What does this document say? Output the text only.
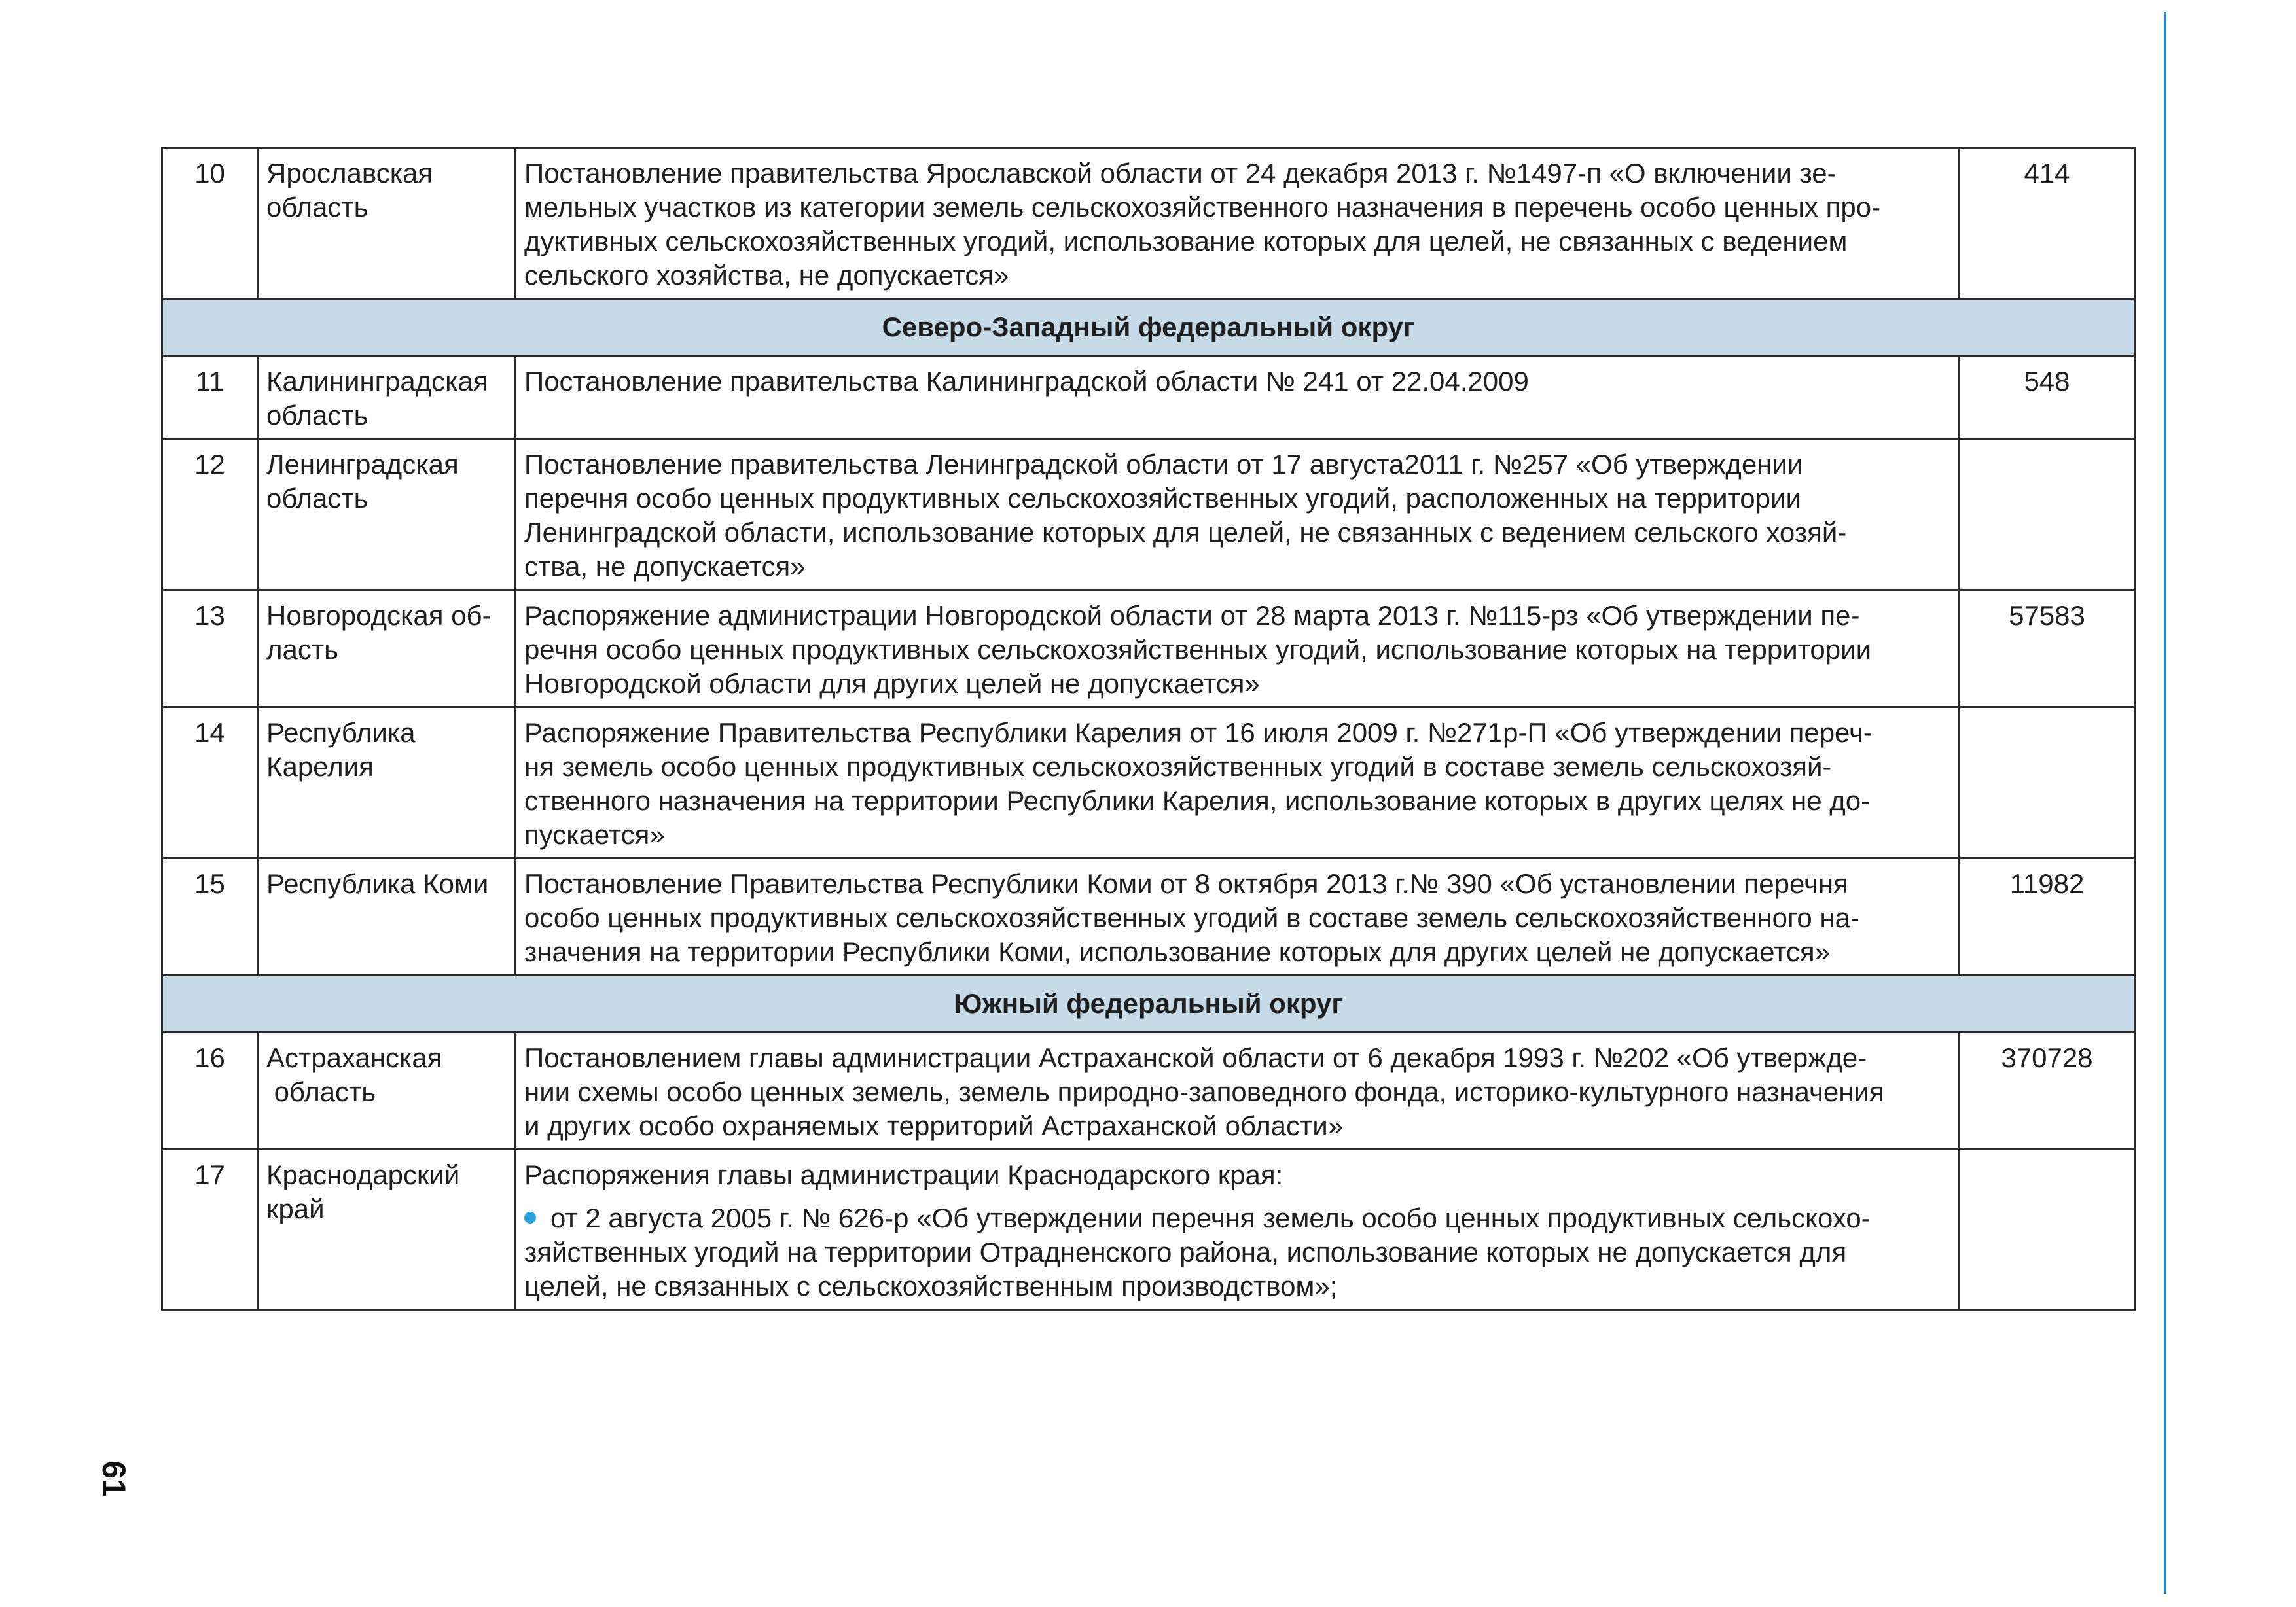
10	Ярославская
область	Постановление правительства Ярославской области от 24 декабря 2013 г. №1497-п «О включении зе-
мельных участков из категории земель сельскохозяйственного назначения в перечень особо ценных про-
дуктивных сельскохозяйственных угодий, использование которых для целей, не связанных с ведением
сельского хозяйства, не допускается»	414
Северо-Западный федеральный округ			
11	Калининградская
область	Постановление правительства Калининградской области № 241 от 22.04.2009	548
12	Ленинградская
область	Постановление правительства Ленинградской области от 17 августа2011 г. №257 «Об утверждении
перечня особо ценных продуктивных сельскохозяйственных угодий, расположенных на территории
Ленинградской области, использование которых для целей, не связанных с ведением сельского хозяй-
ства, не допускается»	

13	Новгородская об-
ласть	Распоряжение администрации Новгородской области от 28 марта 2013 г. №115-рз «Об утверждении пе-
речня особо ценных продуктивных сельскохозяйственных угодий, использование которых на территории
Новгородской области для других целей не допускается»	57583
14	Республика
Карелия	Распоряжение Правительства Республики Карелия от 16 июля 2009 г. №271р-П «Об утверждении переч-
ня земель особо ценных продуктивных сельскохозяйственных угодий в составе земель сельскохозяй-
ственного назначения на территории Республики Карелия, использование которых в других целях не до-
пускается»	

15	Республика Коми	Постановление Правительства Республики Коми от 8 октября 2013 г.№ 390 «Об установлении перечня
особо ценных продуктивных сельскохозяйственных угодий в составе земель сельскохозяйственного на-
значения на территории Республики Коми, использование которых для других целей не допускается»	11982
Южный федеральный округ			
16	Астраханская
область	Постановлением главы администрации Астраханской области от 6 декабря 1993 г. №202 «Об утвержде-
нии схемы особо ценных земель, земель природно-заповедного фонда, историко-культурного назначения
и других особо охраняемых территорий Астраханской области»	370728
17	Краснодарский
край	Распоряжения главы администрации Краснодарского края:
от 2 августа 2005 г. № 626-р «Об утверждении перечня земель особо ценных продуктивных сельскохо-
зяйственных угодий на территории Отрадненского района, использование которых не допускается для
целей, не связанных с сельскохозяйственным производством»;	

61
